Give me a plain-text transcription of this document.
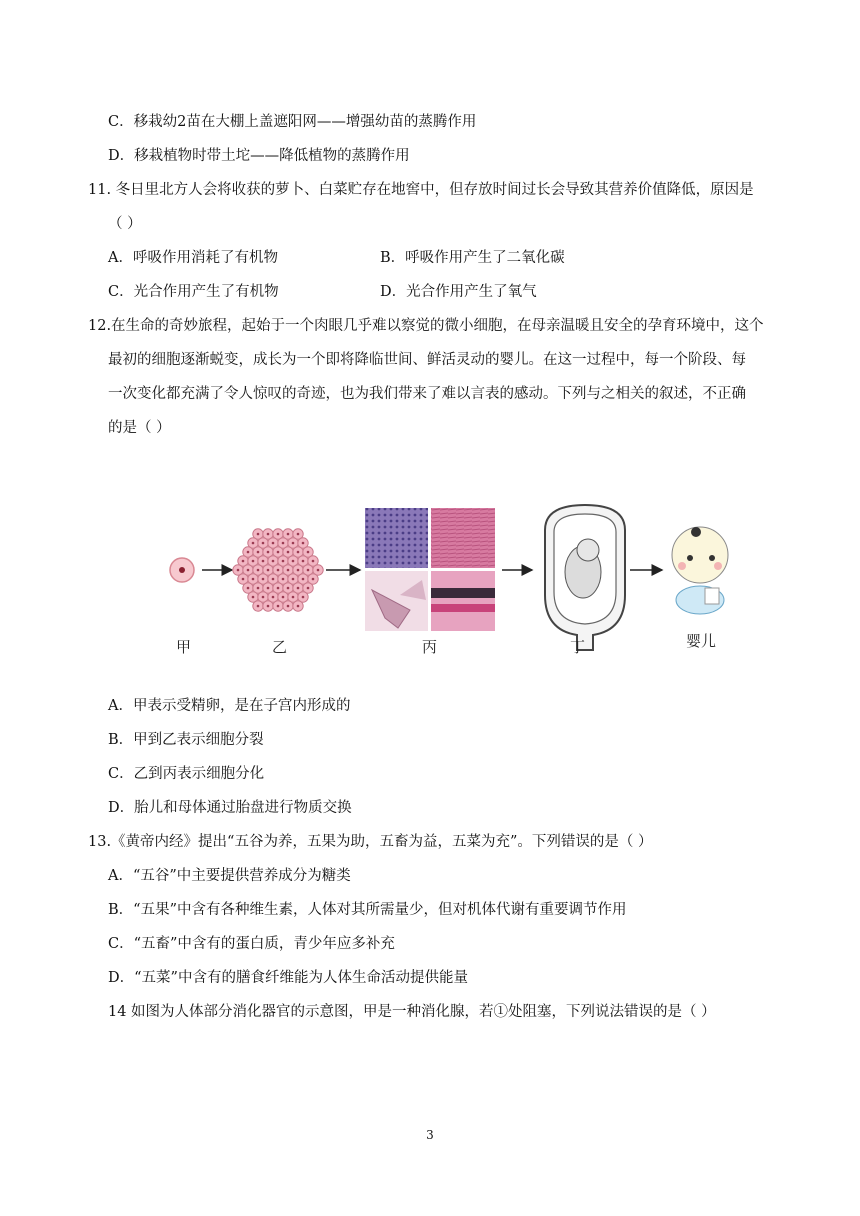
C．移栽幼2苗在大棚上盖遮阳网——增强幼苗的蒸腾作用
D．移栽植物时带土坨——降低植物的蒸腾作用
11. 冬日里北方人会将收获的萝卜、白菜贮存在地窖中，但存放时间过长会导致其营养价值降低，原因是
（ ）
A．呼吸作用消耗了有机物	B．呼吸作用产生了二氧化碳
C．光合作用产生了有机物	D．光合作用产生了氧气
12.在生命的奇妙旅程，起始于一个肉眼几乎难以察觉的微小细胞，在母亲温暖且安全的孕育环境中，这个
最初的细胞逐渐蜕变，成长为一个即将降临世间、鲜活灵动的婴儿。在这一过程中，每一个阶段、每
一次变化都充满了令人惊叹的奇迹，也为我们带来了难以言表的感动。下列与之相关的叙述，不正确
的是（ ）
甲	乙	丙	丁	婴儿
A．甲表示受精卵，是在子宫内形成的
B．甲到乙表示细胞分裂
C．乙到丙表示细胞分化
D．胎儿和母体通过胎盘进行物质交换
13.《黄帝内经》提出“五谷为养，五果为助，五畜为益，五菜为充”。下列错误的是（ ）
A．“五谷”中主要提供营养成分为糖类
B．“五果”中含有各种维生素，人体对其所需量少，但对机体代谢有重要调节作用
C．“五畜”中含有的蛋白质，青少年应多补充
D．“五菜”中含有的膳食纤维能为人体生命活动提供能量
14 如图为人体部分消化器官的示意图，甲是一种消化腺，若①处阻塞，下列说法错误的是（ ）
3
